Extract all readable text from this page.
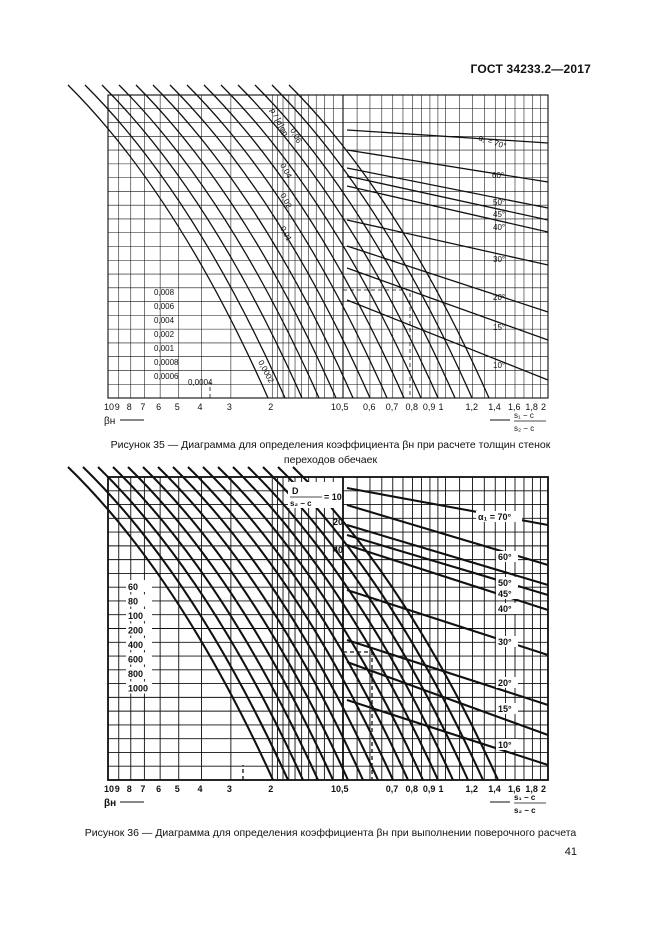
ГОСТ 34233.2—2017
10 9 8 7 6 5 4	3	2	1 0,5 0,6 0,7 0,8 0,9 1 1,2 1,4 1,6 1,8 2
βн
s₁ − c
s₂ − c
p / [σ]φр
0,06
0,04
0,02
0,01
0,008
0,006
0,004
0,002
0,001
0,0008
0,0006
0,0004	0,0002
α₁ = 70°
60°
50°
45°
40°
30°
20°
15°
10°
Рисунок 35 — Диаграмма для определения коэффициента βн при расчете толщин стенок
переходов обечаек
10 9 8 7 6 5 4	3	2	1 0,5	0,7 0,8 0,9 1 1,2 1,4 1,6 1,8 2
βн
s₁ − c
s₂ − c
D
s₂ − c
= 10
20
40
60
80
100
200
400
600
800
1000
α₁ = 70°
60°
50°
45°
40°
30°
20°
15°
10°
Рисунок 36 — Диаграмма для определения коэффициента βн при выполнении поверочного расчета
41
